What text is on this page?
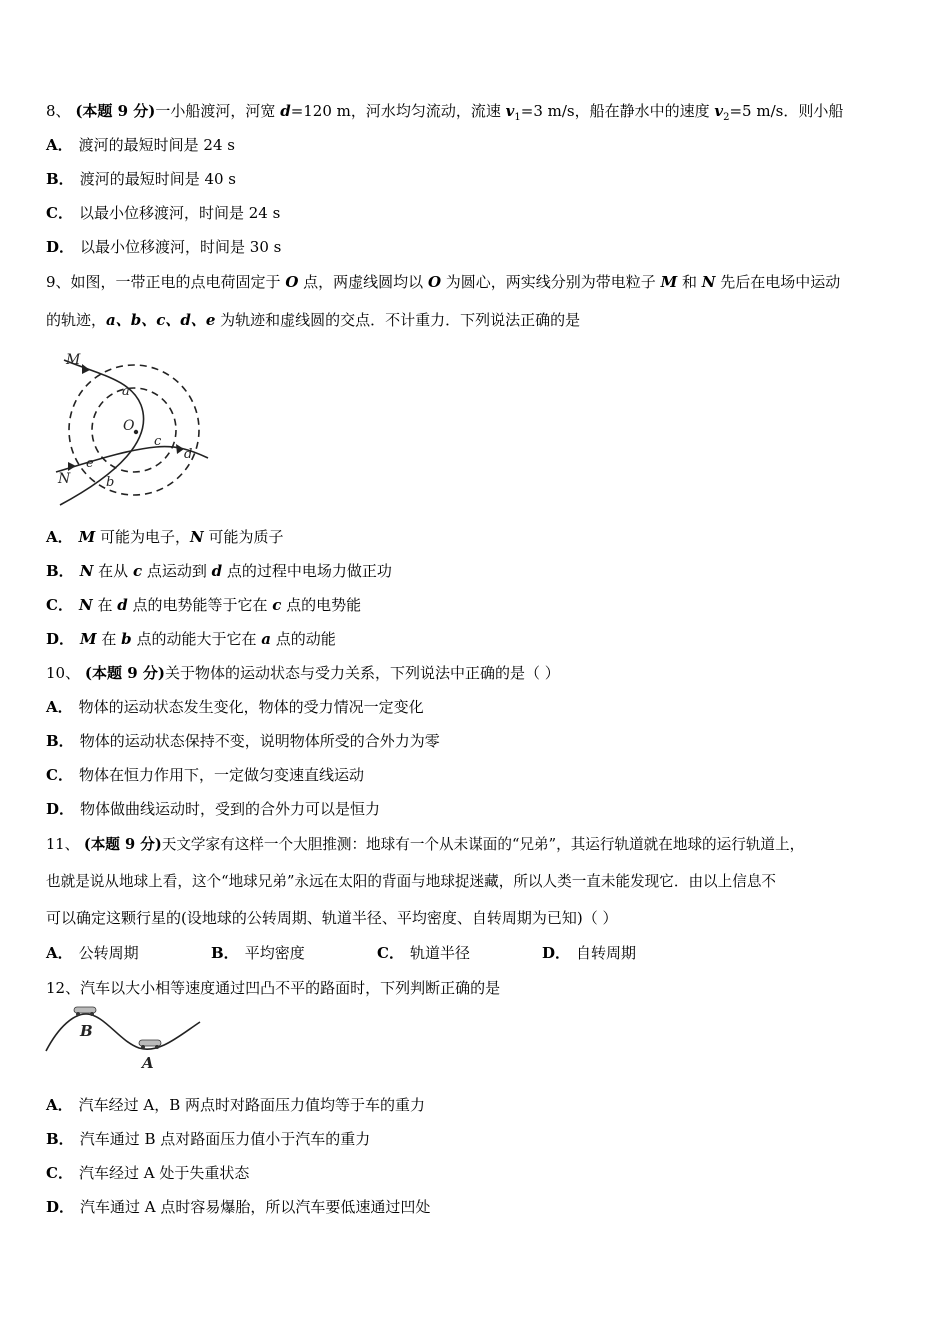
8、 (本题 9 分)一小船渡河，河宽 d=120 m，河水均匀流动，流速 $v_1=3$ m/s，船在静水中的速度 $v_2=5$ m/s．则小船
A． 渡河的最短时间是 24 s
B． 渡河的最短时间是 40 s
C． 以最小位移渡河，时间是 24 s
D． 以最小位移渡河，时间是 30 s
9、如图，一带正电的点电荷固定于 O 点，两虚线圆均以 O 为圆心，两实线分别为带电粒子 M 和 N 先后在电场中运动
的轨迹，a、b、c、d、e 为轨迹和虚线圆的交点．不计重力．下列说法正确的是
M
N
O
a
b
c
d
e
A． M 可能为电子，N 可能为质子
B． N 在从 c 点运动到 d 点的过程中电场力做正功
C． N 在 d 点的电势能等于它在 c 点的电势能
D． M 在 b 点的动能大于它在 a 点的动能
10、 (本题 9 分)关于物体的运动状态与受力关系，下列说法中正确的是（ ）
A． 物体的运动状态发生变化，物体的受力情况一定变化
B． 物体的运动状态保持不变，说明物体所受的合外力为零
C． 物体在恒力作用下，一定做匀变速直线运动
D． 物体做曲线运动时，受到的合外力可以是恒力
11、 (本题 9 分)天文学家有这样一个大胆推测：地球有一个从未谋面的“兄弟”，其运行轨道就在地球的运行轨道上，
也就是说从地球上看，这个“地球兄弟”永远在太阳的背面与地球捉迷藏，所以人类一直未能发现它．由以上信息不
可以确定这颗行星的(设地球的公转周期、轨道半径、平均密度、自转周期为已知)（ ）
A． 公转周期	B． 平均密度	C． 轨道半径	D． 自转周期
12、汽车以大小相等速度通过凹凸不平的路面时，下列判断正确的是
B
A
A． 汽车经过 A，B 两点时对路面压力值均等于车的重力
B． 汽车通过 B 点对路面压力值小于汽车的重力
C． 汽车经过 A 处于失重状态
D． 汽车通过 A 点时容易爆胎，所以汽车要低速通过凹处
